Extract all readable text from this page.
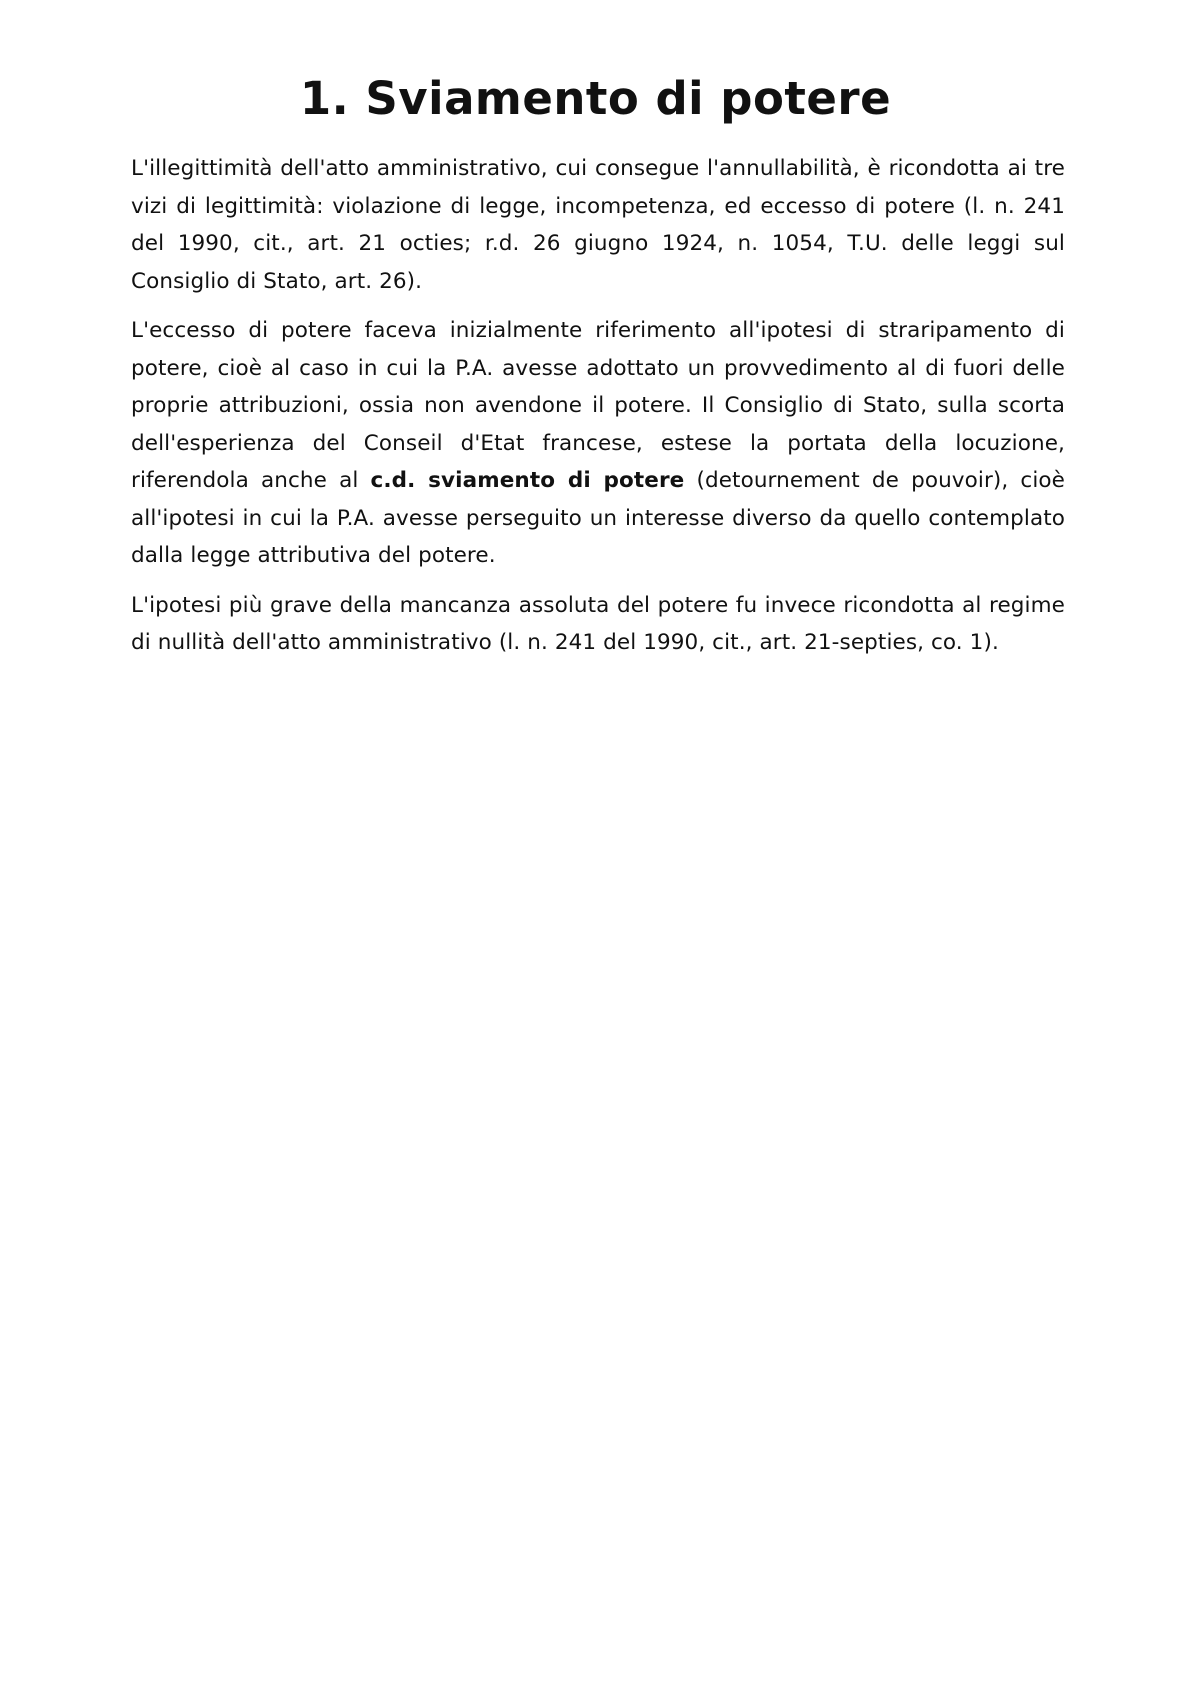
1. Sviamento di potere

L'illegittimità dell'atto amministrativo, cui consegue l'annullabilità, è ricondotta ai tre vizi di legittimità: violazione di legge, incompetenza, ed eccesso di potere (l. n. 241 del 1990, cit., art. 21 octies; r.d. 26 giugno 1924, n. 1054, T.U. delle leggi sul Consiglio di Stato, art. 26).

L'eccesso di potere faceva inizialmente riferimento all'ipotesi di straripamento di potere, cioè al caso in cui la P.A. avesse adottato un provvedimento al di fuori delle proprie attribuzioni, ossia non avendone il potere. Il Consiglio di Stato, sulla scorta dell'esperienza del Conseil d'Etat francese, estese la portata della locuzione, riferendola anche al c.d. sviamento di potere (detournement de pouvoir), cioè all'ipotesi in cui la P.A. avesse perseguito un interesse diverso da quello contemplato dalla legge attributiva del potere.

L'ipotesi più grave della mancanza assoluta del potere fu invece ricondotta al regime di nullità dell'atto amministrativo (l. n. 241 del 1990, cit., art. 21-septies, co. 1).
